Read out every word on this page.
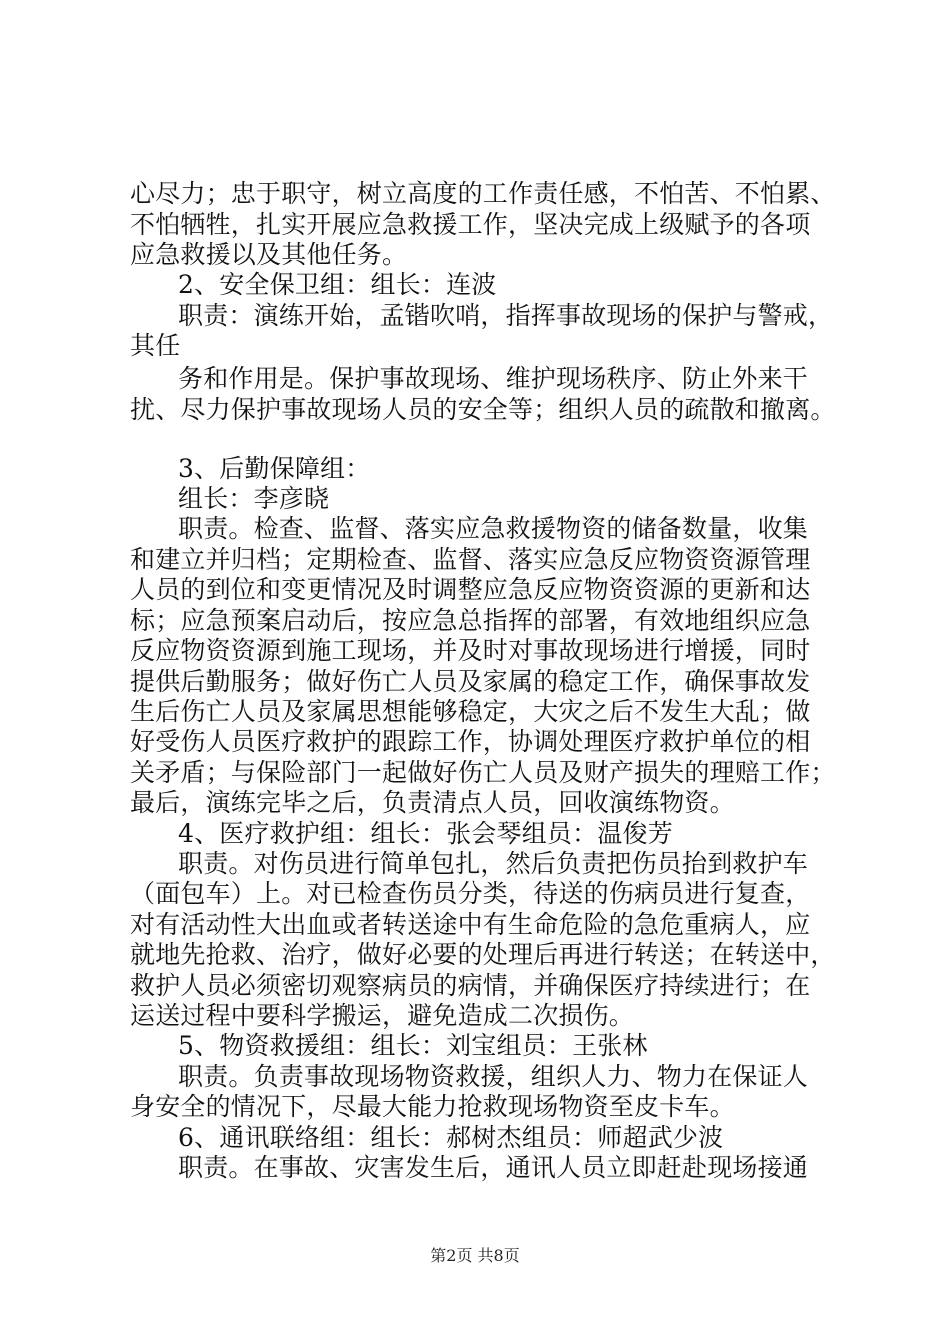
心尽力；忠于职守，树立高度的工作责任感，不怕苦、不怕累、
不怕牺牲，扎实开展应急救援工作，坚决完成上级赋予的各项
应急救援以及其他任务。
2、安全保卫组：组长：连波
职责：演练开始，孟锴吹哨，指挥事故现场的保护与警戒，
其任
务和作用是。保护事故现场、维护现场秩序、防止外来干
扰、尽力保护事故现场人员的安全等；组织人员的疏散和撤离。
3、后勤保障组：
组长：李彦晓
职责。检查、监督、落实应急救援物资的储备数量，收集
和建立并归档；定期检查、监督、落实应急反应物资资源管理
人员的到位和变更情况及时调整应急反应物资资源的更新和达
标；应急预案启动后，按应急总指挥的部署，有效地组织应急
反应物资资源到施工现场，并及时对事故现场进行增援，同时
提供后勤服务；做好伤亡人员及家属的稳定工作，确保事故发
生后伤亡人员及家属思想能够稳定，大灾之后不发生大乱；做
好受伤人员医疗救护的跟踪工作，协调处理医疗救护单位的相
关矛盾；与保险部门一起做好伤亡人员及财产损失的理赔工作；
最后，演练完毕之后，负责清点人员，回收演练物资。
4、医疗救护组：组长：张会琴组员：温俊芳
职责。对伤员进行简单包扎，然后负责把伤员抬到救护车
（面包车）上。对已检查伤员分类，待送的伤病员进行复查，
对有活动性大出血或者转送途中有生命危险的急危重病人，应
就地先抢救、治疗，做好必要的处理后再进行转送；在转送中，
救护人员必须密切观察病员的病情，并确保医疗持续进行；在
运送过程中要科学搬运，避免造成二次损伤。
5、物资救援组：组长：刘宝组员：王张林
职责。负责事故现场物资救援，组织人力、物力在保证人
身安全的情况下，尽最大能力抢救现场物资至皮卡车。
6、通讯联络组：组长：郝树杰组员：师超武少波
职责。在事故、灾害发生后，通讯人员立即赶赴现场接通
第2页 共8页
